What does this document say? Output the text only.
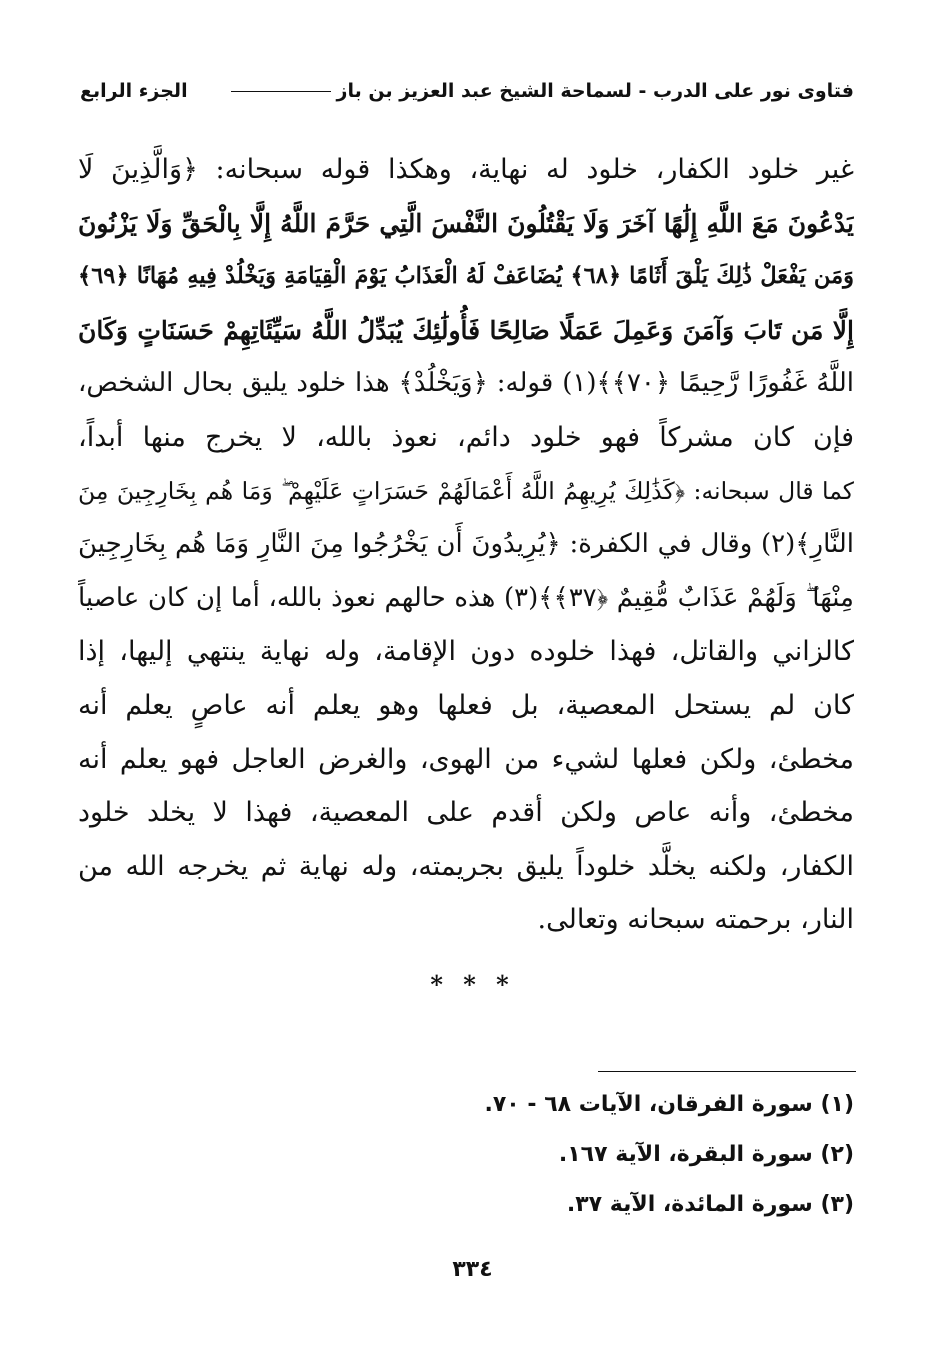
فتاوى نور على الدرب - لسماحة الشيخ عبد العزيز بن باز
الجزء الرابع
غير خلود الكفار، خلود له نهاية، وهكذا قوله سبحانه: ﴿وَالَّذِينَ لَا
يَدْعُونَ مَعَ اللَّهِ إِلَٰهًا آخَرَ وَلَا يَقْتُلُونَ النَّفْسَ الَّتِي حَرَّمَ اللَّهُ إِلَّا بِالْحَقِّ وَلَا يَزْنُونَ
وَمَن يَفْعَلْ ذَٰلِكَ يَلْقَ أَثَامًا ﴿٦٨﴾ يُضَاعَفْ لَهُ الْعَذَابُ يَوْمَ الْقِيَامَةِ وَيَخْلُدْ فِيهِ مُهَانًا ﴿٦٩﴾
إِلَّا مَن تَابَ وَآمَنَ وَعَمِلَ عَمَلًا صَالِحًا فَأُولَٰئِكَ يُبَدِّلُ اللَّهُ سَيِّئَاتِهِمْ حَسَنَاتٍ وَكَانَ
اللَّهُ غَفُورًا رَّحِيمًا ﴿٧٠﴾﴾(١) قوله: ﴿وَيَخْلُدْ﴾ هذا خلود يليق بحال الشخص،
فإن كان مشركاً فهو خلود دائم، نعوذ بالله، لا يخرج منها أبداً،
كما قال سبحانه: ﴿كَذَٰلِكَ يُرِيهِمُ اللَّهُ أَعْمَالَهُمْ حَسَرَاتٍ عَلَيْهِمْ ۖ وَمَا هُم بِخَارِجِينَ مِنَ
النَّارِ﴾(٢) وقال في الكفرة: ﴿يُرِيدُونَ أَن يَخْرُجُوا مِنَ النَّارِ وَمَا هُم بِخَارِجِينَ
مِنْهَا ۖ وَلَهُمْ عَذَابٌ مُّقِيمٌ ﴿٣٧﴾﴾(٣) هذه حالهم نعوذ بالله، أما إن كان عاصياً
كالزاني والقاتل، فهذا خلوده دون الإقامة، وله نهاية ينتهي إليها، إذا
كان لم يستحل المعصية، بل فعلها وهو يعلم أنه عاصٍ يعلم أنه
مخطئ، ولكن فعلها لشيء من الهوى، والغرض العاجل فهو يعلم أنه
مخطئ، وأنه عاص ولكن أقدم على المعصية، فهذا لا يخلد خلود
الكفار، ولكنه يخلَّد خلوداً يليق بجريمته، وله نهاية ثم يخرجه الله من
النار، برحمته سبحانه وتعالى.
* * *
(١) سورة الفرقان، الآيات ٦٨ - ٧٠.
(٢) سورة البقرة، الآية ١٦٧.
(٣) سورة المائدة، الآية ٣٧.
٣٣٤
